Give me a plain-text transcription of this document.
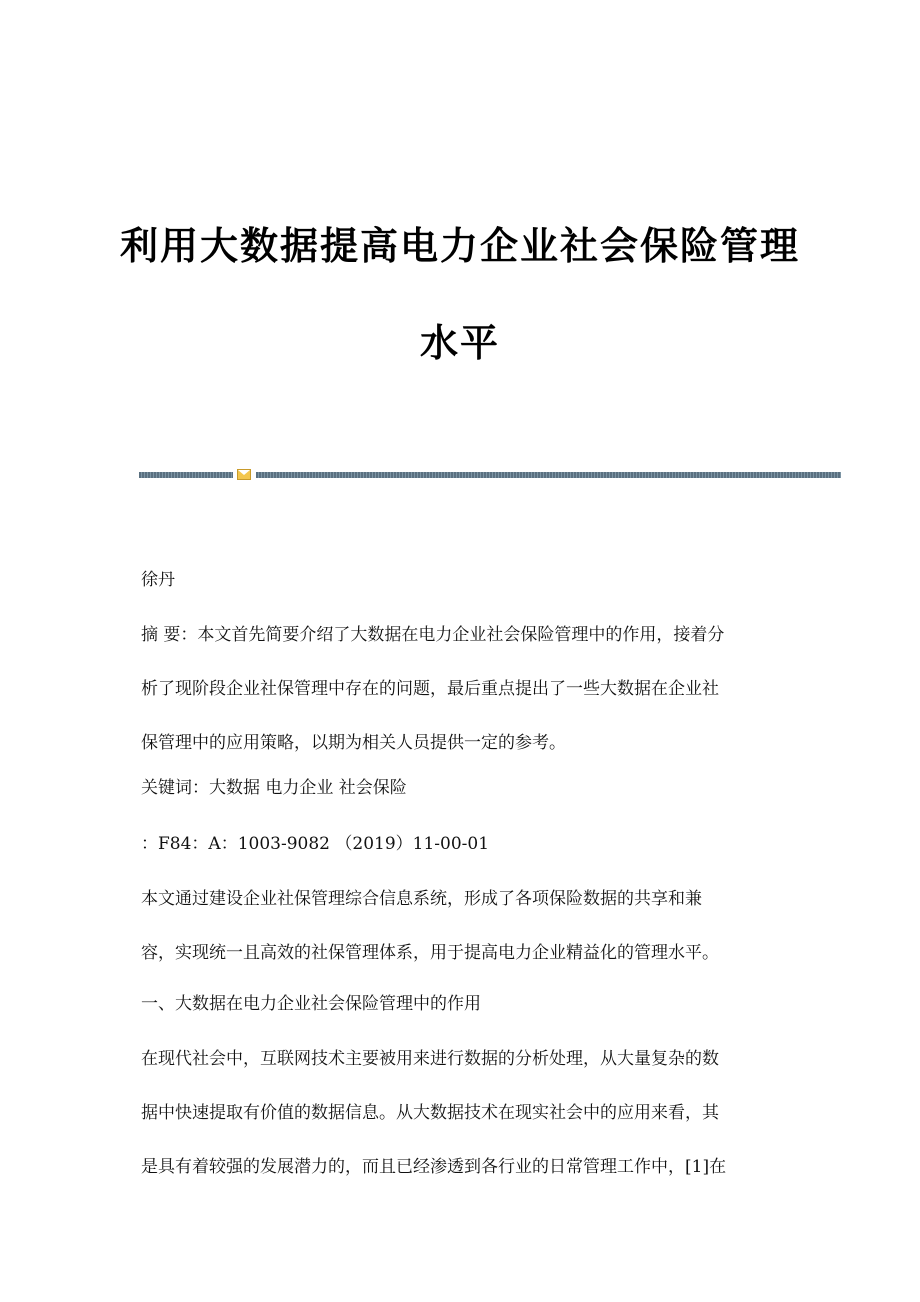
利用大数据提高电力企业社会保险管理
水平
徐丹
摘 要：本文首先简要介绍了大数据在电力企业社会保险管理中的作用，接着分
析了现阶段企业社保管理中存在的问题，最后重点提出了一些大数据在企业社
保管理中的应用策略，以期为相关人员提供一定的参考。
关键词：大数据 电力企业 社会保险
：F84：A：1003-9082 （2019）11-00-01
本文通过建设企业社保管理综合信息系统，形成了各项保险数据的共享和兼
容，实现统一且高效的社保管理体系，用于提高电力企业精益化的管理水平。
一、大数据在电力企业社会保险管理中的作用
在现代社会中，互联网技术主要被用来进行数据的分析处理，从大量复杂的数
据中快速提取有价值的数据信息。从大数据技术在现实社会中的应用来看，其
是具有着较强的发展潜力的，而且已经渗透到各行业的日常管理工作中，[1]在
